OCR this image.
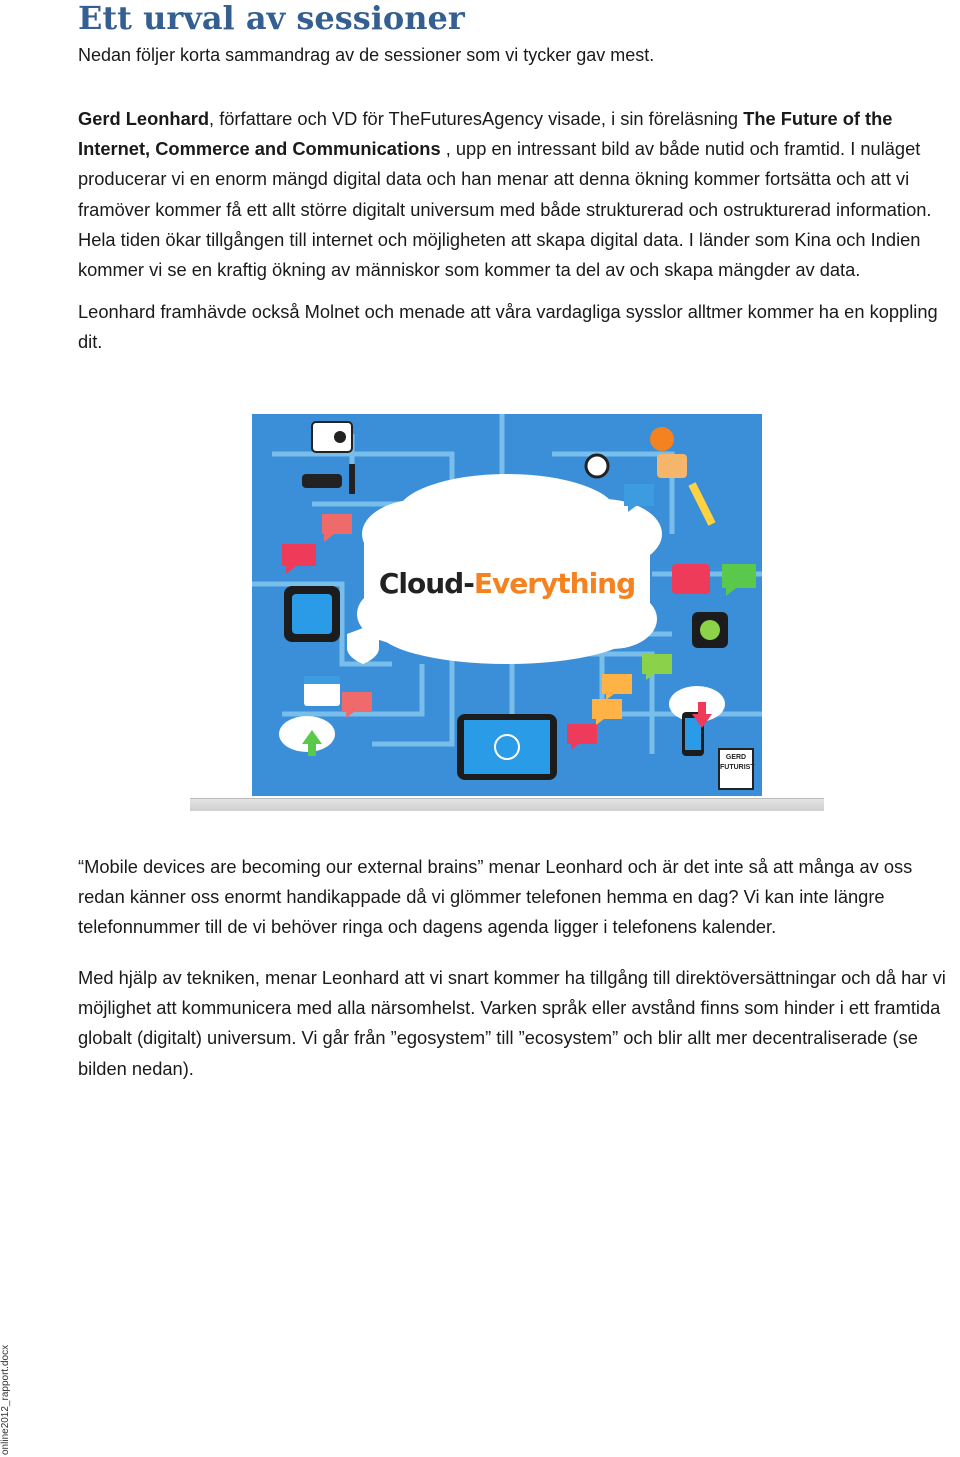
Ett urval av sessioner
Nedan följer korta sammandrag av de sessioner som vi tycker gav mest.

Gerd Leonhard, författare och VD för TheFuturesAgency visade, i sin föreläsning The Future of the Internet, Commerce and Communications , upp en intressant bild av både nutid och framtid. I nuläget producerar vi en enorm mängd digital data och han menar att denna ökning kommer fortsätta och att vi framöver kommer få ett allt större digitalt universum med både strukturerad och ostrukturerad information. Hela tiden ökar tillgången till internet och möjligheten att skapa digital data. I länder som Kina och Indien kommer vi se en kraftig ökning av människor som kommer ta del av och skapa mängder av data.

Leonhard framhävde också Molnet och menade att våra vardagliga sysslor alltmer kommer ha en koppling dit.

“Mobile devices are becoming our external brains” menar Leonhard och är det inte så att många av oss redan känner oss enormt handikappade då vi glömmer telefonen hemma en dag? Vi kan inte längre telefonnummer till de vi behöver ringa och dagens agenda ligger i telefonens kalender.

Med hjälp av tekniken, menar Leonhard att vi snart kommer ha tillgång till direktöversättningar och då har vi möjlighet att kommunicera med alla närsomhelst. Varken språk eller avstånd finns som hinder i ett framtida globalt (digitalt) universum. Vi går från ”egosystem” till ”ecosystem” och blir allt mer decentraliserade (se bilden nedan).

Cloud- Everything
GERD FUTURIST
online2012_rapport.docx
